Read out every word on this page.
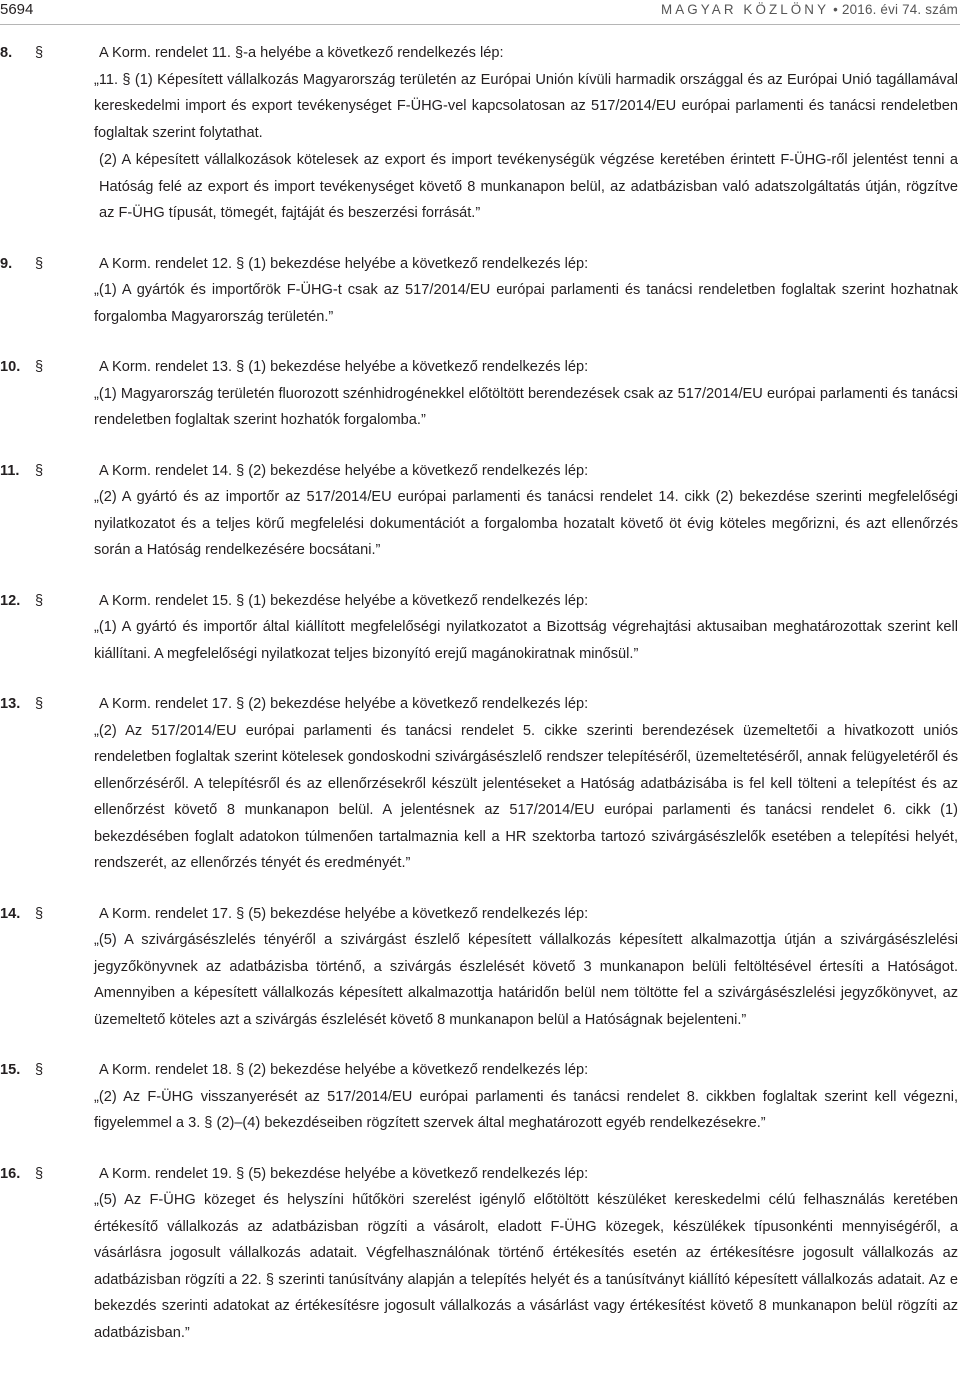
5694	MAGYAR KÖZLÖNY • 2016. évi 74. szám
8. §	A Korm. rendelet 11. §-a helyébe a következő rendelkezés lép:

„11. § (1) Képesített vállalkozás Magyarország területén az Európai Unión kívüli harmadik országgal és az Európai Unió tagállamával kereskedelmi import és export tevékenységet F-ÜHG-vel kapcsolatosan az 517/2014/EU európai parlamenti és tanácsi rendeletben foglaltak szerint folytathat.

(2) A képesített vállalkozások kötelesek az export és import tevékenységük végzése keretében érintett F-ÜHG-ről jelentést tenni a Hatóság felé az export és import tevékenységet követő 8 munkanapon belül, az adatbázisban való adatszolgáltatás útján, rögzítve az F-ÜHG típusát, tömegét, fajtáját és beszerzési forrását.”

9. §	A Korm. rendelet 12. § (1) bekezdése helyébe a következő rendelkezés lép:

„(1) A gyártók és importőrök F-ÜHG-t csak az 517/2014/EU európai parlamenti és tanácsi rendeletben foglaltak szerint hozhatnak forgalomba Magyarország területén.”

10. §	A Korm. rendelet 13. § (1) bekezdése helyébe a következő rendelkezés lép:

„(1) Magyarország területén fluorozott szénhidrogénekkel előtöltött berendezések csak az 517/2014/EU európai parlamenti és tanácsi rendeletben foglaltak szerint hozhatók forgalomba.”

11. §	A Korm. rendelet 14. § (2) bekezdése helyébe a következő rendelkezés lép:

„(2) A gyártó és az importőr az 517/2014/EU európai parlamenti és tanácsi rendelet 14. cikk (2) bekezdése szerinti megfelelőségi nyilatkozatot és a teljes körű megfelelési dokumentációt a forgalomba hozatalt követő öt évig köteles megőrizni, és azt ellenőrzés során a Hatóság rendelkezésére bocsátani.”

12. §	A Korm. rendelet 15. § (1) bekezdése helyébe a következő rendelkezés lép:

„(1) A gyártó és importőr által kiállított megfelelőségi nyilatkozatot a Bizottság végrehajtási aktusaiban meghatározottak szerint kell kiállítani. A megfelelőségi nyilatkozat teljes bizonyító erejű magánokiratnak minősül.”

13. §	A Korm. rendelet 17. § (2) bekezdése helyébe a következő rendelkezés lép:

„(2) Az 517/2014/EU európai parlamenti és tanácsi rendelet 5. cikke szerinti berendezések üzemeltetői a hivatkozott uniós rendeletben foglaltak szerint kötelesek gondoskodni szivárgásészlelő rendszer telepítéséről, üzemeltetéséről, annak felügyeletéről és ellenőrzéséről. A telepítésről és az ellenőrzésekről készült jelentéseket a Hatóság adatbázisába is fel kell tölteni a telepítést és az ellenőrzést követő 8 munkanapon belül. A jelentésnek az 517/2014/EU európai parlamenti és tanácsi rendelet 6. cikk (1) bekezdésében foglalt adatokon túlmenően tartalmaznia kell a HR szektorba tartozó szivárgásészlelők esetében a telepítési helyét, rendszerét, az ellenőrzés tényét és eredményét.”

14. §	A Korm. rendelet 17. § (5) bekezdése helyébe a következő rendelkezés lép:

„(5) A szivárgásészlelés tényéről a szivárgást észlelő képesített vállalkozás képesített alkalmazottja útján a szivárgásészlelési jegyzőkönyvnek az adatbázisba történő, a szivárgás észlelését követő 3 munkanapon belüli feltöltésével értesíti a Hatóságot. Amennyiben a képesített vállalkozás képesített alkalmazottja határidőn belül nem töltötte fel a szivárgásészlelési jegyzőkönyvet, az üzemeltető köteles azt a szivárgás észlelését követő 8 munkanapon belül a Hatóságnak bejelenteni.”

15. §	A Korm. rendelet 18. § (2) bekezdése helyébe a következő rendelkezés lép:

„(2) Az F-ÜHG visszanyerését az 517/2014/EU európai parlamenti és tanácsi rendelet 8. cikkben foglaltak szerint kell végezni, figyelemmel a 3. § (2)–(4) bekezdéseiben rögzített szervek által meghatározott egyéb rendelkezésekre.”

16. §	A Korm. rendelet 19. § (5) bekezdése helyébe a következő rendelkezés lép:

„(5) Az F-ÜHG közeget és helyszíni hűtőköri szerelést igénylő előtöltött készüléket kereskedelmi célú felhasználás keretében értékesítő vállalkozás az adatbázisban rögzíti a vásárolt, eladott F-ÜHG közegek, készülékek típusonkénti mennyiségéről, a vásárlásra jogosult vállalkozás adatait. Végfelhasználónak történő értékesítés esetén az értékesítésre jogosult vállalkozás az adatbázisban rögzíti a 22. § szerinti tanúsítvány alapján a telepítés helyét és a tanúsítványt kiállító képesített vállalkozás adatait. Az e bekezdés szerinti adatokat az értékesítésre jogosult vállalkozás a vásárlást vagy értékesítést követő 8 munkanapon belül rögzíti az adatbázisban.”
